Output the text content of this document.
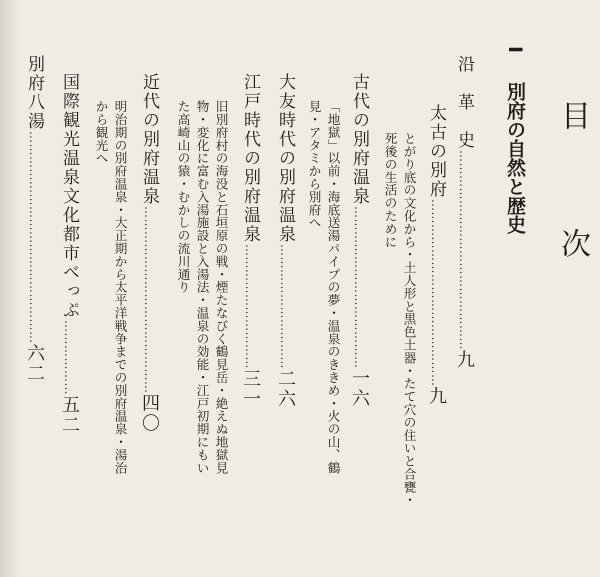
目　次
I
別府の自然と歴史
沿　革　史…………………………………………九
太古の別府………………………………………九
とがり底の文化から・土人形と黒色土器・たて穴の住いと合甕・
死後の生活のために
古代の別府温泉…………………………………一六
「地獄」以前・海底送湯パイプの夢・温泉のききめ・火の山、鶴
見・アタミから別府へ
大友時代の別府温泉…………………………二六
江戸時代の別府温泉…………………………三一
旧別府村の海没と石垣原の戦・煙たなびく鶴見岳・絶えぬ地獄見
物・変化に富む入湯施設と入湯法・温泉の効能・江戸初期にもい
た高崎山の猿・むかしの流川通り
近代の別府温泉………………………………………四〇
明治期の別府温泉・大正期から太平洋戦争までの別府温泉・湯治
から観光へ
国際観光温泉文化都市べっぷ………………五二
別府八湯……………………………………………六二
